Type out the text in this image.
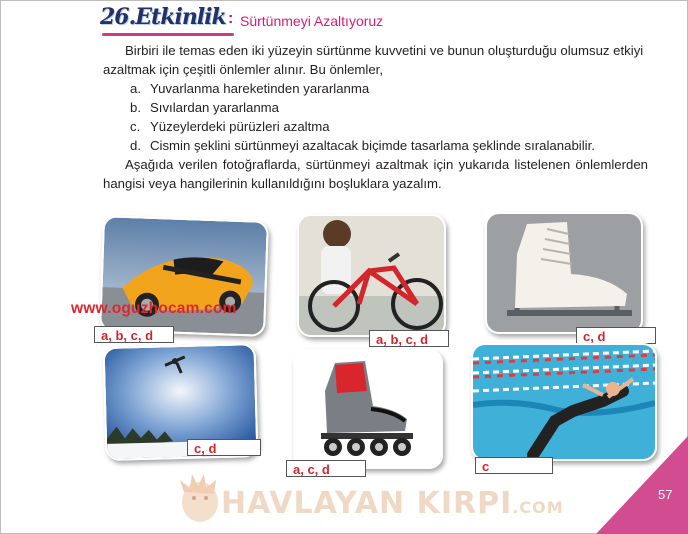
26.Etkinlik : Sürtünmeyi Azaltıyoruz

Birbiri ile temas eden iki yüzeyin sürtünme kuvvetini ve bunun oluşturduğu olumsuz etkiyi azaltmak için çeşitli önlemler alınır. Bu önlemler,

a. Yuvarlanma hareketinden yararlanma
b. Sıvılardan yararlanma
c. Yüzeylerdeki pürüzleri azaltma
d. Cismin şeklini sürtünmeyi azaltacak biçimde tasarlama şeklinde sıralanabilir.

Aşağıda verilen fotoğraflarda, sürtünmeyi azaltmak için yukarıda listelenen önlemlerden hangisi veya hangilerinin kullanıldığını boşluklara yazalım.

a, b, c, d
www.oguzhocam.com
a, b, c, d	c, d
c, d
a, c, d	c
HAVLAYAN KIRPI.COM
57
